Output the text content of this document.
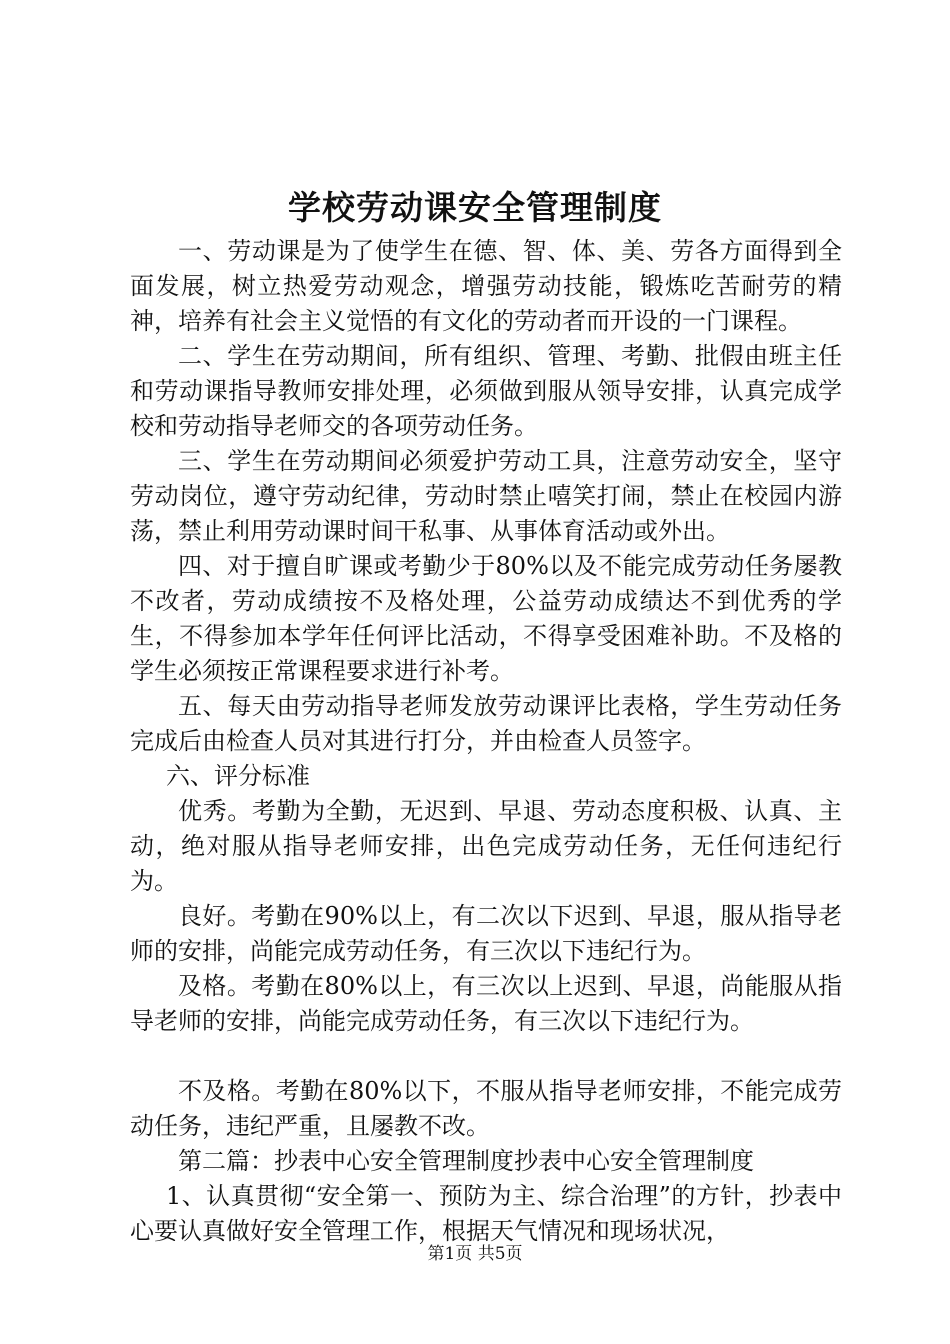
学校劳动课安全管理制度

一、劳动课是为了使学生在德、智、体、美、劳各方面得到全面发展，树立热爱劳动观念，增强劳动技能，锻炼吃苦耐劳的精神，培养有社会主义觉悟的有文化的劳动者而开设的一门课程。

二、学生在劳动期间，所有组织、管理、考勤、批假由班主任和劳动课指导教师安排处理，必须做到服从领导安排，认真完成学校和劳动指导老师交的各项劳动任务。

三、学生在劳动期间必须爱护劳动工具，注意劳动安全，坚守劳动岗位，遵守劳动纪律，劳动时禁止嘻笑打闹，禁止在校园内游荡，禁止利用劳动课时间干私事、从事体育活动或外出。

四、对于擅自旷课或考勤少于80%以及不能完成劳动任务屡教不改者，劳动成绩按不及格处理，公益劳动成绩达不到优秀的学生，不得参加本学年任何评比活动，不得享受困难补助。不及格的学生必须按正常课程要求进行补考。

五、每天由劳动指导老师发放劳动课评比表格，学生劳动任务完成后由检查人员对其进行打分，并由检查人员签字。

六、评分标准

优秀。考勤为全勤，无迟到、早退、劳动态度积极、认真、主动，绝对服从指导老师安排，出色完成劳动任务，无任何违纪行为。

良好。考勤在90%以上，有二次以下迟到、早退，服从指导老师的安排，尚能完成劳动任务，有三次以下违纪行为。

及格。考勤在80%以上，有三次以上迟到、早退，尚能服从指导老师的安排，尚能完成劳动任务，有三次以下违纪行为。

不及格。考勤在80%以下，不服从指导老师安排，不能完成劳动任务，违纪严重，且屡教不改。

第二篇：抄表中心安全管理制度抄表中心安全管理制度

1、认真贯彻“安全第一、预防为主、综合治理”的方针，抄表中心要认真做好安全管理工作，根据天气情况和现场状况，

第1页 共5页
